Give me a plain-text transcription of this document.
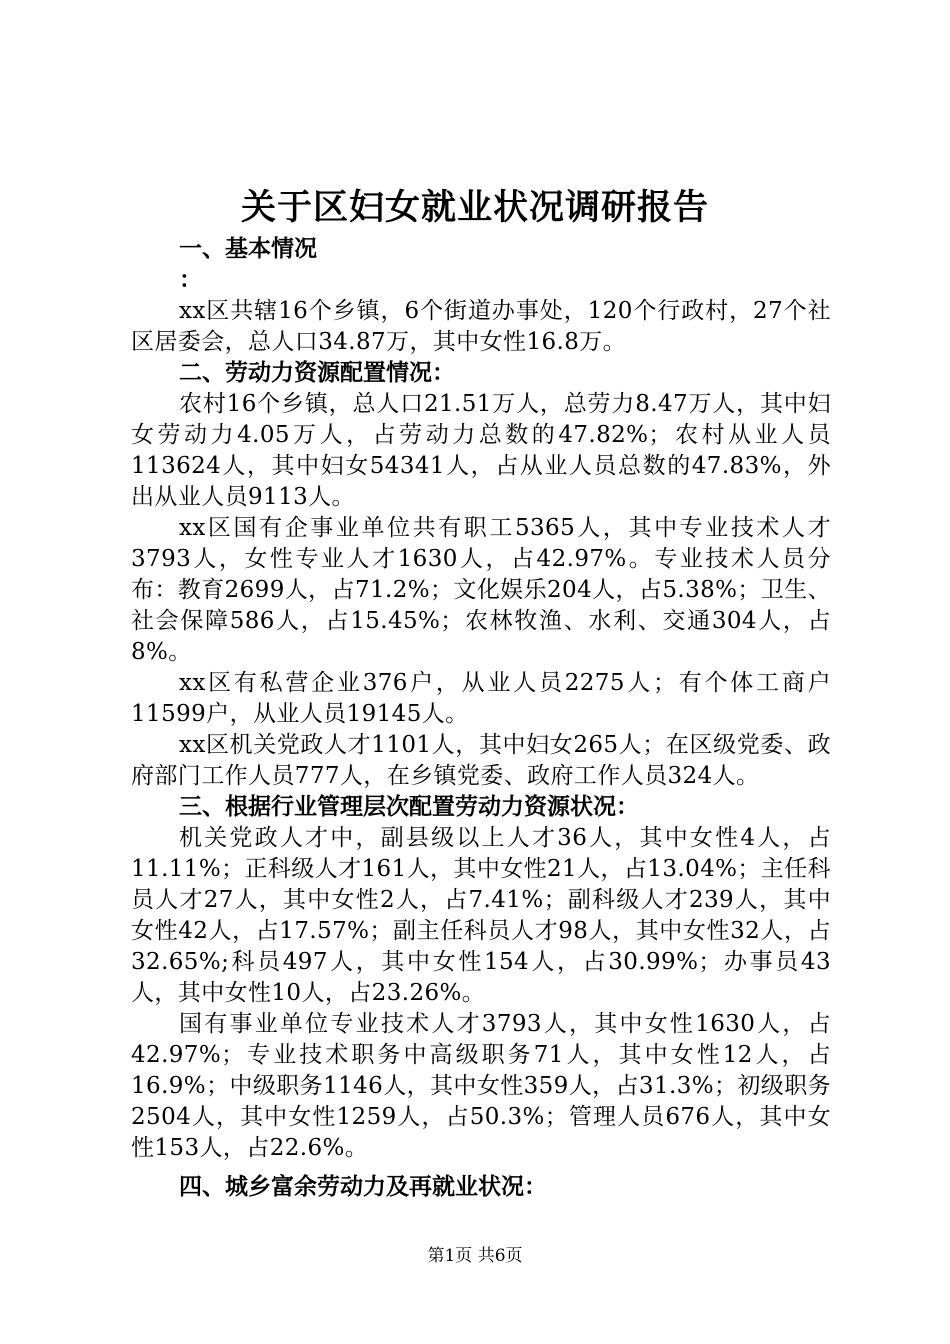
关于区妇女就业状况调研报告

一、基本情况

：

xx区共辖16个乡镇，6个街道办事处，120个行政村，27个社区居委会，总人口34.87万，其中女性16.8万。

二、劳动力资源配置情况：

农村16个乡镇，总人口21.51万人，总劳力8.47万人，其中妇女劳动力4.05万人，占劳动力总数的47.82%；农村从业人员113624人，其中妇女54341人，占从业人员总数的47.83%，外出从业人员9113人。

xx区国有企事业单位共有职工5365人，其中专业技术人才3793人，女性专业人才1630人，占42.97%。专业技术人员分布：教育2699人，占71.2%；文化娱乐204人，占5.38%；卫生、社会保障586人，占15.45%；农林牧渔、水利、交通304人，占8%。

xx区有私营企业376户，从业人员2275人；有个体工商户11599户，从业人员19145人。

xx区机关党政人才1101人，其中妇女265人；在区级党委、政府部门工作人员777人，在乡镇党委、政府工作人员324人。

三、根据行业管理层次配置劳动力资源状况：

机关党政人才中，副县级以上人才36人，其中女性4人，占11.11%；正科级人才161人，其中女性21人，占13.04%；主任科员人才27人，其中女性2人，占7.41%；副科级人才239人，其中女性42人，占17.57%；副主任科员人才98人，其中女性32人，占32.65%;科员497人，其中女性154人，占30.99%；办事员43人，其中女性10人，占23.26%。

国有事业单位专业技术人才3793人，其中女性1630人，占42.97%；专业技术职务中高级职务71人，其中女性12人，占16.9%；中级职务1146人，其中女性359人，占31.3%；初级职务2504人，其中女性1259人，占50.3%；管理人员676人，其中女性153人，占22.6%。

四、城乡富余劳动力及再就业状况：

第1页 共6页
